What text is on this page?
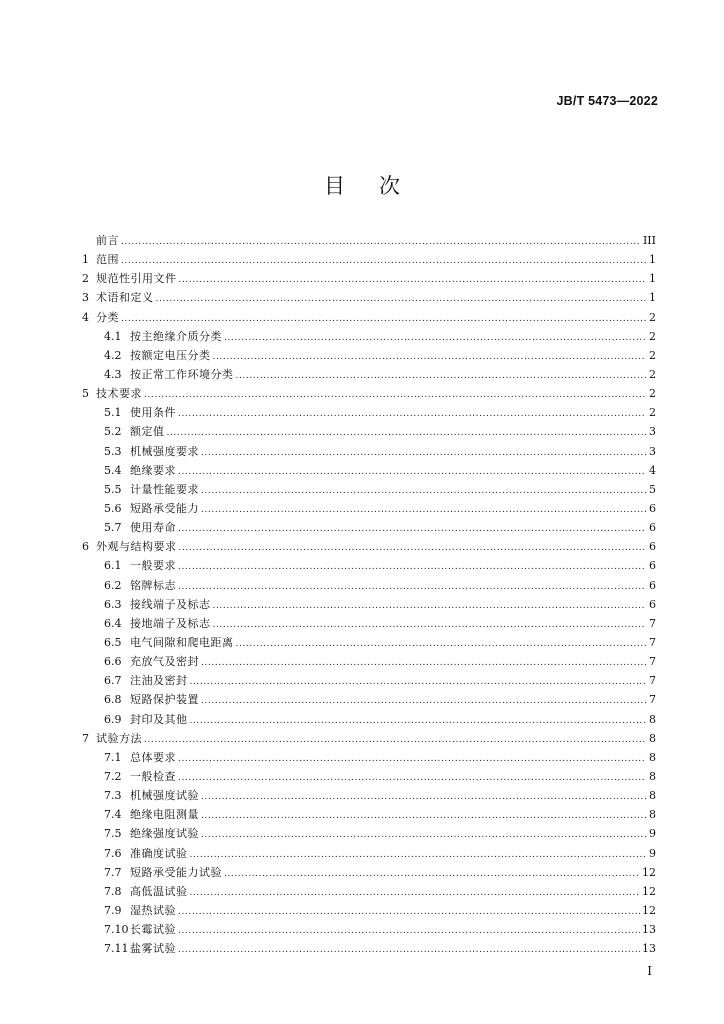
JB/T 5473—2022
目 次
前言 .....	III
1 范围 .....	1
2 规范性引用文件 .....	1
3 术语和定义 .....	1
4 分类 .....	2
4.1 按主绝缘介质分类 .....	2
4.2 按额定电压分类 .....	2
4.3 按正常工作环境分类 .....	2
5 技术要求 .....	2
5.1 使用条件 .....	2
5.2 额定值 .....	3
5.3 机械强度要求 .....	3
5.4 绝缘要求 .....	4
5.5 计量性能要求 .....	5
5.6 短路承受能力 .....	6
5.7 使用寿命 .....	6
6 外观与结构要求 .....	6
6.1 一般要求 .....	6
6.2 铭牌标志 .....	6
6.3 接线端子及标志 .....	6
6.4 接地端子及标志 .....	7
6.5 电气间隙和爬电距离 .....	7
6.6 充放气及密封 .....	7
6.7 注油及密封 .....	7
6.8 短路保护装置 .....	7
6.9 封印及其他 .....	8
7 试验方法 .....	8
7.1 总体要求 .....	8
7.2 一般检查 .....	8
7.3 机械强度试验 .....	8
7.4 绝缘电阻测量 .....	8
7.5 绝缘强度试验 .....	9
7.6 准确度试验 .....	9
7.7 短路承受能力试验 .....	12
7.8 高低温试验 .....	12
7.9 湿热试验 .....	12
7.10 长霉试验 .....	13
7.11 盐雾试验 .....	13
I
